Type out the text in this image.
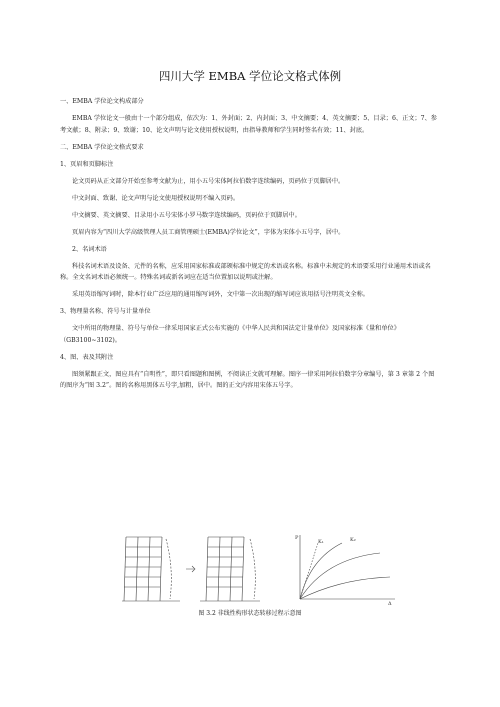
四川大学 EMBA 学位论文格式体例

一、EMBA 学位论文构成部分

EMBA 学位论文一般由十一个部分组成，依次为：1、外封面；2、内封面；3、中文摘要；4、英文摘要；5、目录；6、正文；7、参考文献；8、附录；9、致谢；10、论文声明与论文使用授权说明，由指导教师和学生同时签名有效；11、封底。

二、EMBA 学位论文格式要求

1、页眉和页脚标注

论文页码从正文部分开始至参考文献为止，用小五号宋体阿拉伯数字连续编码，页码位于页脚居中。

中文封面、致谢、论文声明与论文使用授权说明不编入页码。

中文摘要、英文摘要、目录用小五号宋体小罗马数字连续编码，页码位于页脚居中。

页眉内容为“四川大学高级管理人员工商管理硕士(EMBA)学位论文”，字体为宋体小五号字，居中。

2、名词术语

科技名词术语及设备、元件的名称，应采用国家标准或部颁标准中规定的术语或名称。标准中未规定的术语要采用行业通用术语或名称。全文名词术语必须统一。特殊名词或新名词应在适当位置加以说明或注解。

采用英语缩写词时，除本行业广泛应用的通用缩写词外，文中第一次出现的缩写词应该用括号注明英文全称。

3、物理量名称、符号与计量单位

文中所用的物理量、符号与单位一律采用国家正式公布实施的《中华人民共和国法定计量单位》及国家标准《量和单位》（GB3100~3102)。

4、图、表及其附注

图须紧跟正文，图应具有“自明性”，即只看图题和图例，不阅读正文就可理解。图序一律采用阿拉伯数字分章编号，第 3 章第 2 个图的图序为“图 3.2”。图的名称用黑体五号字,加粗，居中。图的正文内容用宋体五号字。

P
K₁	K₂
Δ
图 3.2 非线性构形状态转移过程示意图
